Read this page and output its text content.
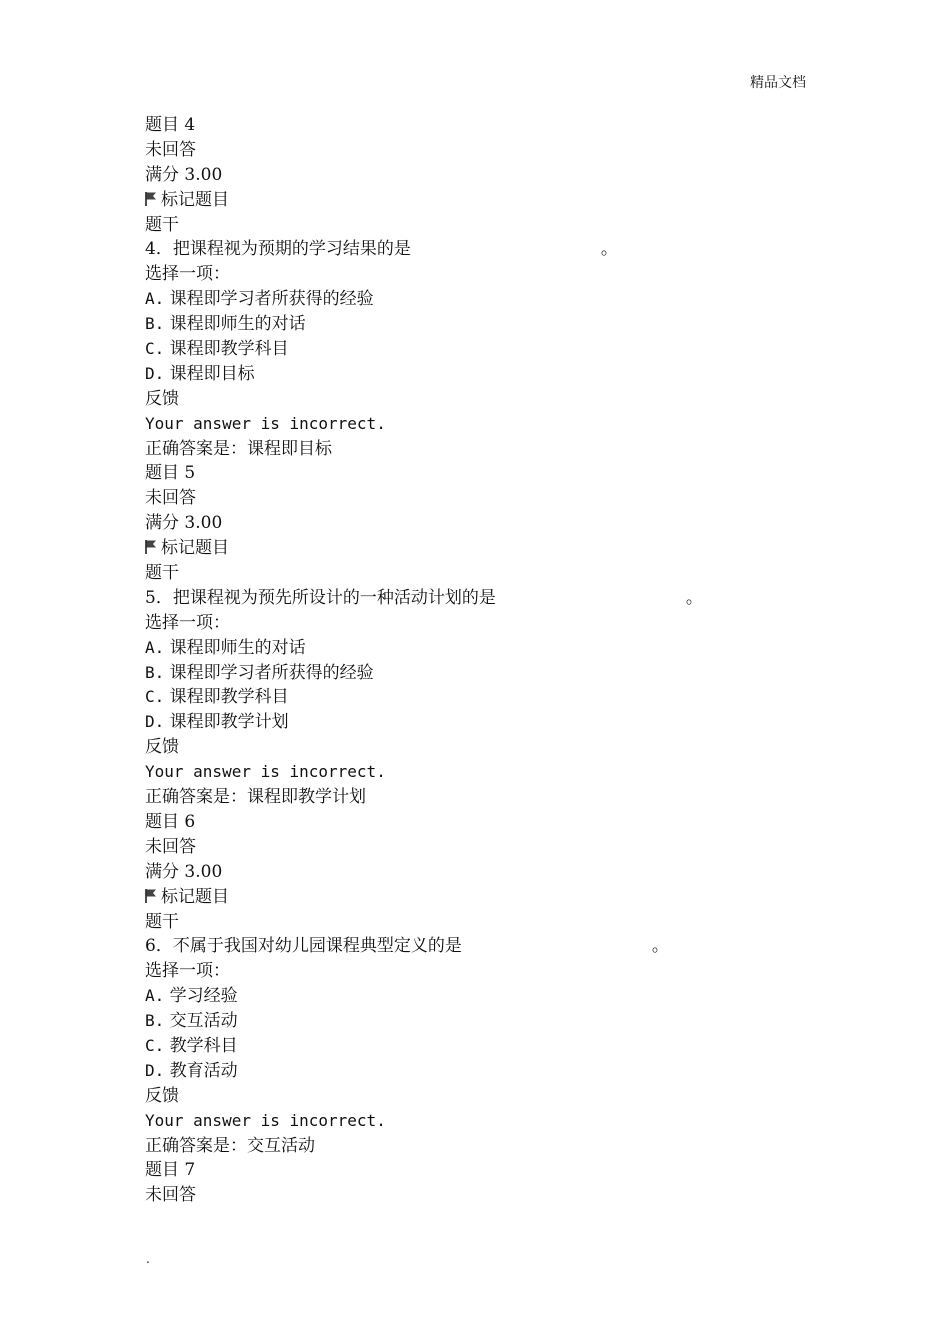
精品文档
题目 4
未回答
满分 3.00
标记题目
题干
4．把课程视为预期的学习结果的是	。
选择一项：
A. 课程即学习者所获得的经验
B. 课程即师生的对话
C. 课程即教学科目
D. 课程即目标
反馈
Your answer is incorrect.
正确答案是：课程即目标
题目 5
未回答
满分 3.00
标记题目
题干
5．把课程视为预先所设计的一种活动计划的是	。
选择一项：
A. 课程即师生的对话
B. 课程即学习者所获得的经验
C. 课程即教学科目
D. 课程即教学计划
反馈
Your answer is incorrect.
正确答案是：课程即教学计划
题目 6
未回答
满分 3.00
标记题目
题干
6．不属于我国对幼儿园课程典型定义的是	。
选择一项：
A. 学习经验
B. 交互活动
C. 教学科目
D. 教育活动
反馈
Your answer is incorrect.
正确答案是：交互活动
题目 7
未回答
.
